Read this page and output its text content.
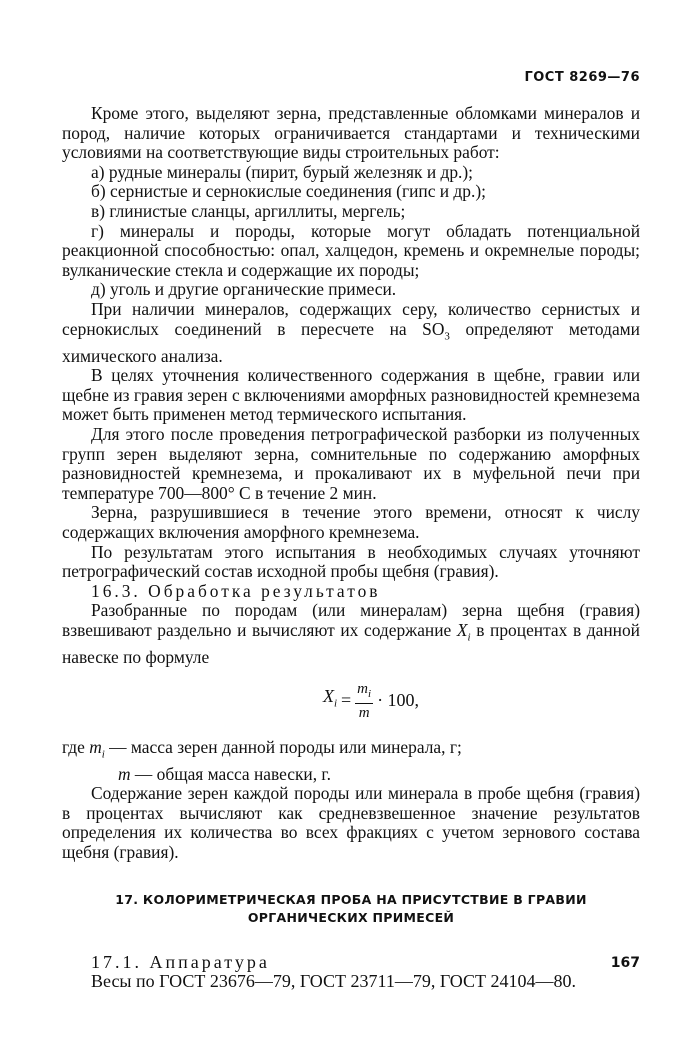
ГОСТ 8269—76

Кроме этого, выделяют зерна, представленные обломками минералов и пород, наличие которых ограничивается стандартами и техническими условиями на соответствующие виды строительных работ:

а) рудные минералы (пирит, бурый железняк и др.);

б) сернистые и сернокислые соединения (гипс и др.);

в) глинистые сланцы, аргиллиты, мергель;

г) минералы и породы, которые могут обладать потенциальной реакционной способностью: опал, халцедон, кремень и окремнелые породы; вулканические стекла и содержащие их породы;

д) уголь и другие органические примеси.

При наличии минералов, содержащих серу, количество сернистых и сернокислых соединений в пересчете на $SO_3$ определяют методами химического анализа.

В целях уточнения количественного содержания в щебне, гравии или щебне из гравия зерен с включениями аморфных разновидностей кремнезема может быть применен метод термического испытания.

Для этого после проведения петрографической разборки из полученных групп зерен выделяют зерна, сомнительные по содержанию аморфных разновидностей кремнезема, и прокаливают их в муфельной печи при температуре 700—800° С в течение 2 мин.

Зерна, разрушившиеся в течение этого времени, относят к числу содержащих включения аморфного кремнезема.

По результатам этого испытания в необходимых случаях уточняют петрографический состав исходной пробы щебня (гравия).

16.3. Обработка результатов

Разобранные по породам (или минералам) зерна щебня (гравия) взвешивают раздельно и вычисляют их содержание $X_i$ в процентах в данной навеске по формуле

$X_i = \frac{m_i}{m} \cdot 100$,

где $m_i$ — масса зерен данной породы или минерала, г;

m — общая масса навески, г.

Содержание зерен каждой породы или минерала в пробе щебня (гравия) в процентах вычисляют как средневзвешенное значение результатов определения их количества во всех фракциях с учетом зернового состава щебня (гравия).

17. КОЛОРИМЕТРИЧЕСКАЯ ПРОБА НА ПРИСУТСТВИЕ В ГРАВИИ
ОРГАНИЧЕСКИХ ПРИМЕСЕЙ

17.1. Аппаратура

Весы по ГОСТ 23676—79, ГОСТ 23711—79, ГОСТ 24104—80.

167
